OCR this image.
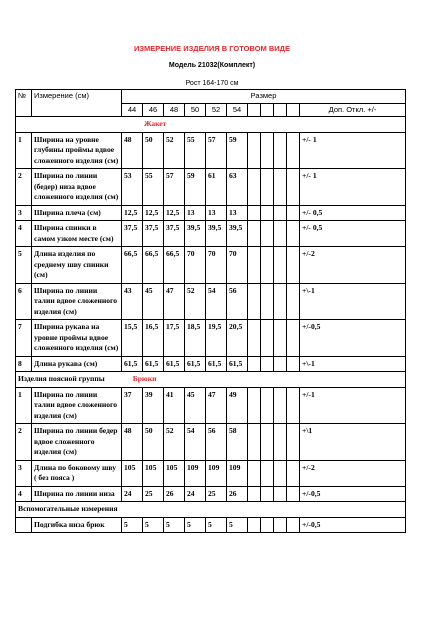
ИЗМЕРЕНИЕ ИЗДЕЛИЯ В ГОТОВОМ ВИДЕ
Модель 21032(Комплект)
Рост 164-170 см
№	Измерение (см)	Размер										
		44	46	48	50	52	54					Доп. Откл. +/-
Жакет												
1	Ширина на уровне глубины проймы вдвое сложенного изделия (см)	48	50	52	55	57	59					+/- 1
2	Ширина по линии (бедер) низа вдвое сложенного изделия (см)	53	55	57	59	61	63					+/- 1
3	Ширина плеча (см)	12,5	12,5	12,5	13	13	13					+/- 0,5
4	Ширина спинки в самом узком месте (см)	37,5	37,5	37,5	39,5	39,5	39,5					+/- 0,5
5	Длина изделия по среднему шву спинки (см)	66,5	66,5	66,5	70	70	70					+/-2
6	Ширина по линии талии вдвое сложенного изделия (см)	43	45	47	52	54	56					+\-1
7	Ширина рукава на уровне проймы вдвое сложенного изделия (см)	15,5	16,5	17,5	18,5	19,5	20,5					+/-0,5
8	Длина рукава (см)	61,5	61,5	61,5	61,5	61,5	61,5					+\-1
Изделия поясной группы Брюки												
1	Ширина по линии талии вдвое сложенного изделия (см)	37	39	41	45	47	49					+/-1
2	Ширина по линии бедер вдвое сложенного изделия (см)	48	50	52	54	56	58					+\1
3	Длина по боковому шву ( без пояса )	105	105	105	109	109	109					+/-2
4	Ширина по линии низа	24	25	26	24	25	26					+/-0,5
Вспомогательные измерения												
	Подгибка низа брюк	5	5	5	5	5	5					+/-0,5
